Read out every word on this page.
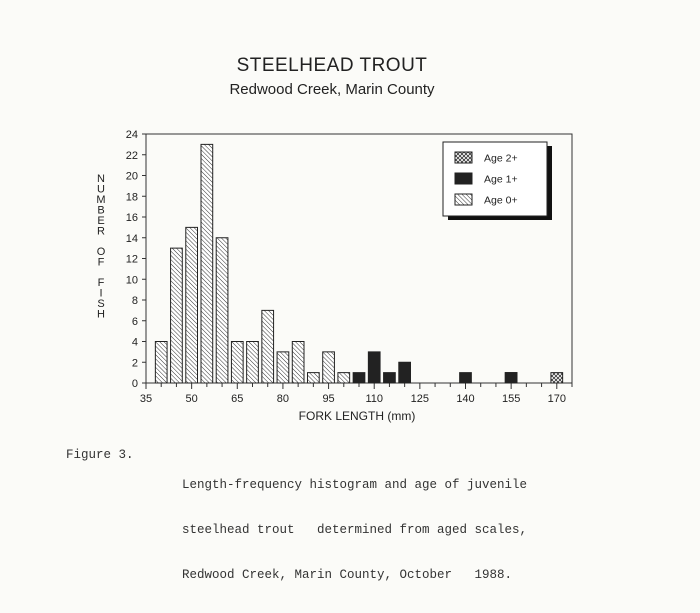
STEELHEAD TROUT
Redwood Creek, Marin County
N
U
M
B
E
R
O
F
F
I
S
H
0
2
4
6
8
10
12
14
16
18
20
22
24
35	50	65	80	95	110	125 140 155 170
FORK LENGTH (mm)
Age 2+
Age 1+
Age 0+

Figure 3.

Length-frequency histogram and age of juvenile

steelhead trout   determined from aged scales,

Redwood Creek, Marin County, October   1988.
